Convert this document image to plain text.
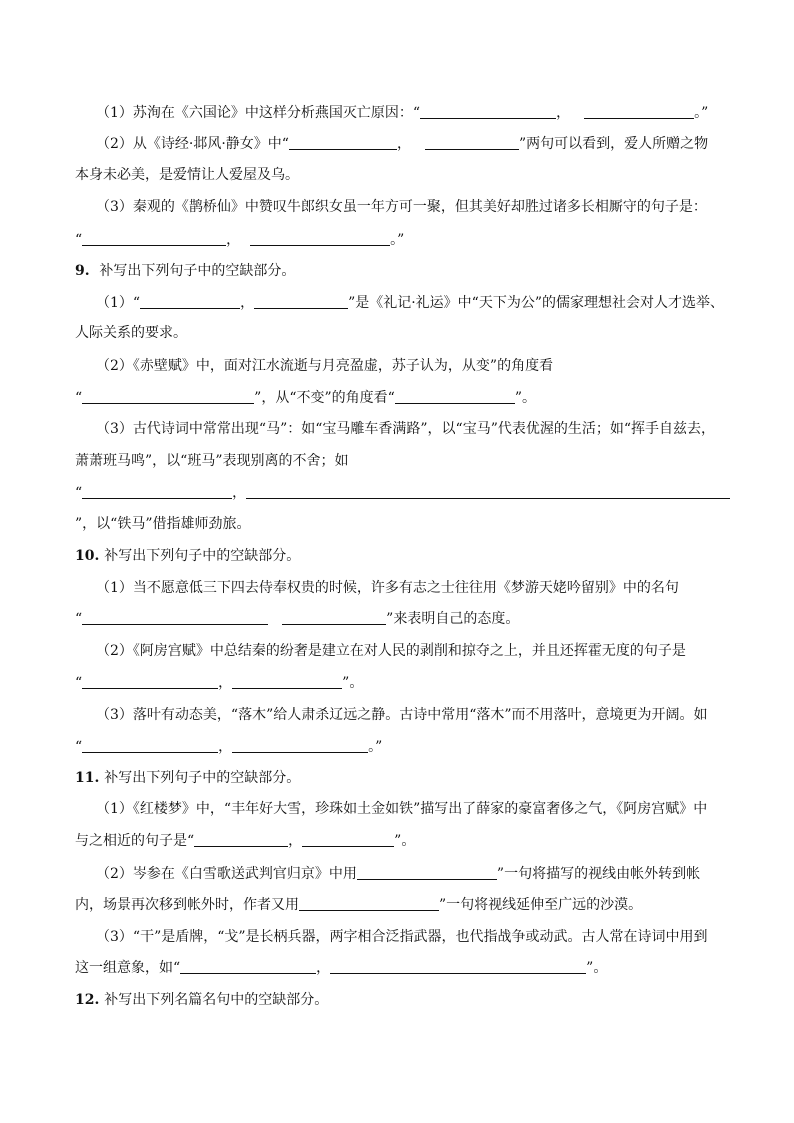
（1）苏洵在《六国论》中这样分析燕国灭亡原因：“	，	。”
（2）从《诗经·邶风·静女》中“	，	”两句可以看到，爱人所赠之物
本身未必美，是爱情让人爱屋及乌。
（3）秦观的《鹊桥仙》中赞叹牛郎织女虽一年方可一聚，但其美好却胜过诸多长相厮守的句子是：
“	，	。”
9. 补写出下列句子中的空缺部分。
（1）“	，	”是《礼记·礼运》中“天下为公”的儒家理想社会对人才选举、
人际关系的要求。
（2）《赤壁赋》中，面对江水流逝与月亮盈虚，苏子认为，从变”的角度看
“	”，从“不变”的角度看“	”。
（3）古代诗词中常常出现“马”：如“宝马雕车香满路”，以“宝马”代表优渥的生活；如“挥手自兹去，
萧萧班马鸣”，以“班马”表现别离的不舍；如
“	，
”，以“铁马”借指雄师劲旅。
10. 补写出下列句子中的空缺部分。
（1）当不愿意低三下四去侍奉权贵的时候，许多有志之士往往用《梦游天姥吟留别》中的名句
“	”来表明自己的态度。
（2）《阿房宫赋》中总结秦的纷奢是建立在对人民的剥削和掠夺之上，并且还挥霍无度的句子是
“	，	”。
（3）落叶有动态美，“落木”给人肃杀辽远之静。古诗中常用“落木”而不用落叶，意境更为开阔。如
“	，	。”
11. 补写出下列句子中的空缺部分。
（1）《红楼梦》中，“丰年好大雪，珍珠如土金如铁”描写出了薛家的豪富奢侈之气，《阿房宫赋》中
与之相近的句子是“	，	”。
（2）岑参在《白雪歌送武判官归京》中用	”一句将描写的视线由帐外转到帐
内，场景再次移到帐外时，作者又用	”一句将视线延伸至广远的沙漠。
（3）“干”是盾牌，“戈”是长柄兵器，两字相合泛指武器，也代指战争或动武。古人常在诗词中用到
这一组意象，如“	，	”。
12. 补写出下列名篇名句中的空缺部分。
